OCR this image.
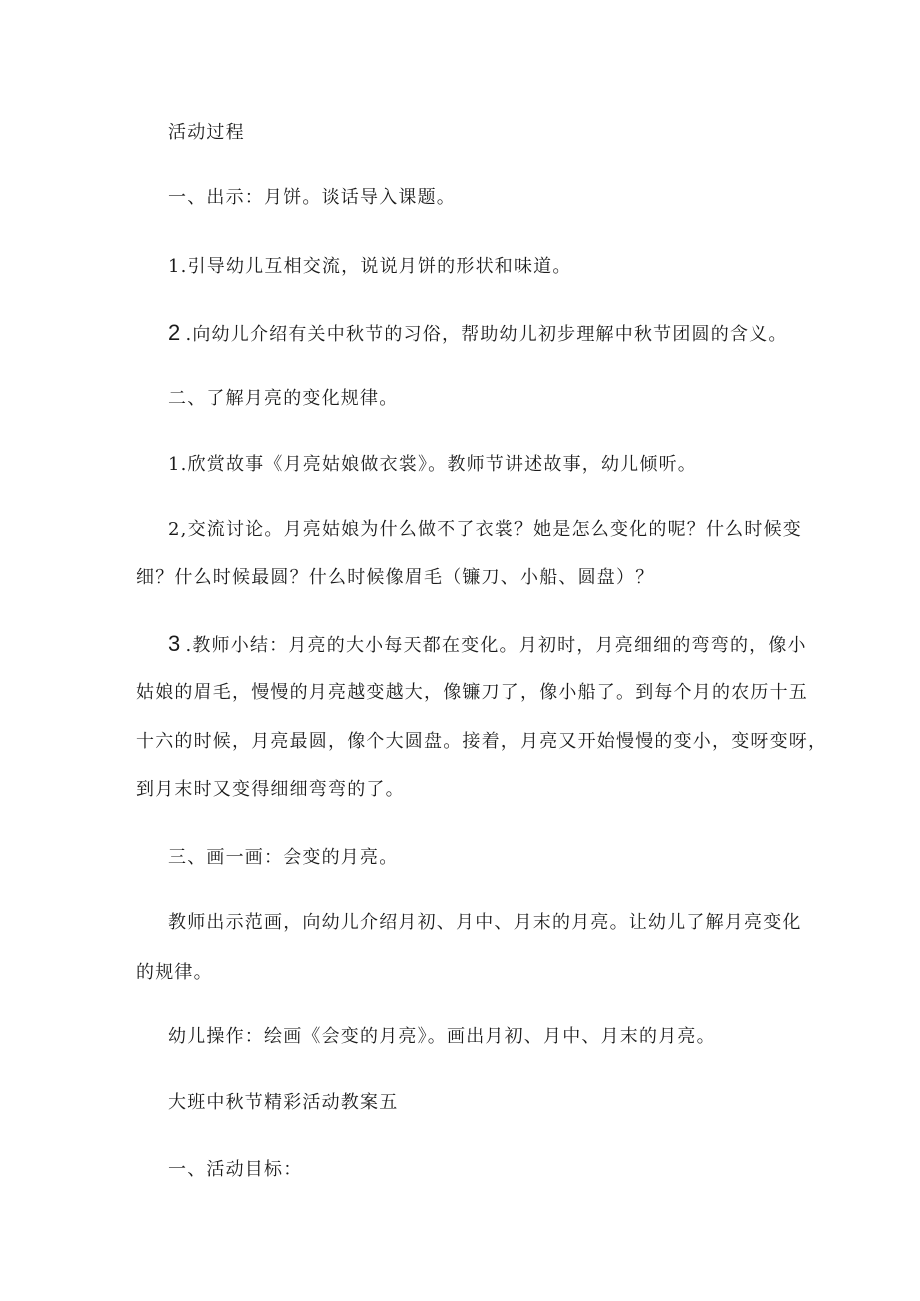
活动过程
一、出示：月饼。谈话导入课题。
1.引导幼儿互相交流，说说月饼的形状和味道。
2 .向幼儿介绍有关中秋节的习俗，帮助幼儿初步理解中秋节团圆的含义。
二、了解月亮的变化规律。
1.欣赏故事《月亮姑娘做衣裳》。教师节讲述故事，幼儿倾听。
2,交流讨论。月亮姑娘为什么做不了衣裳？她是怎么变化的呢？什么时候变
细？什么时候最圆？什么时候像眉毛（镰刀、小船、圆盘）？
3 .教师小结：月亮的大小每天都在变化。月初时，月亮细细的弯弯的，像小
姑娘的眉毛，慢慢的月亮越变越大，像镰刀了，像小船了。到每个月的农历十五
十六的时候，月亮最圆，像个大圆盘。接着，月亮又开始慢慢的变小，变呀变呀，
到月末时又变得细细弯弯的了。
三、画一画：会变的月亮。
教师出示范画，向幼儿介绍月初、月中、月末的月亮。让幼儿了解月亮变化
的规律。
幼儿操作：绘画《会变的月亮》。画出月初、月中、月末的月亮。
大班中秋节精彩活动教案五
一、活动目标：
